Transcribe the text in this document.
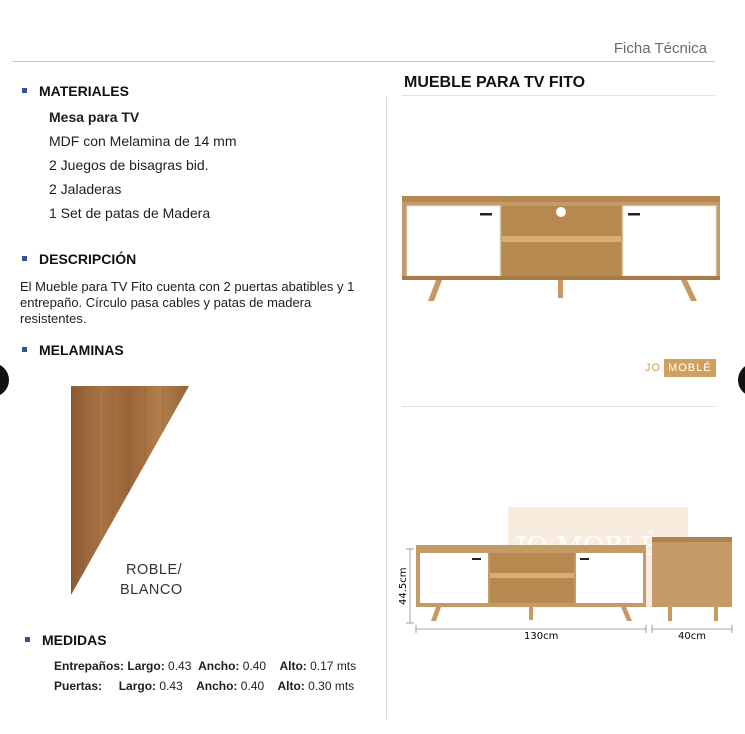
Ficha Técnica
MATERIALES
Mesa para TV
MDF con Melamina de 14 mm
2 Juegos de bisagras bid.
2 Jaladeras
1 Set de patas de Madera
DESCRIPCIÓN
El Mueble para TV Fito cuenta con 2 puertas abatibles y 1 entrepaño. Círculo pasa cables y patas de madera resistentes.
MELAMINAS
ROBLE/
BLANCO
MEDIDAS
Entrepaños: Largo: 0.43 Ancho: 0.40 Alto: 0.17 mts
Puertas: Largo: 0.43 Ancho: 0.40 Alto: 0.30 mts
MUEBLE PARA TV FITO
JO MOBLÉ
130cm	40cm
44.5cm
